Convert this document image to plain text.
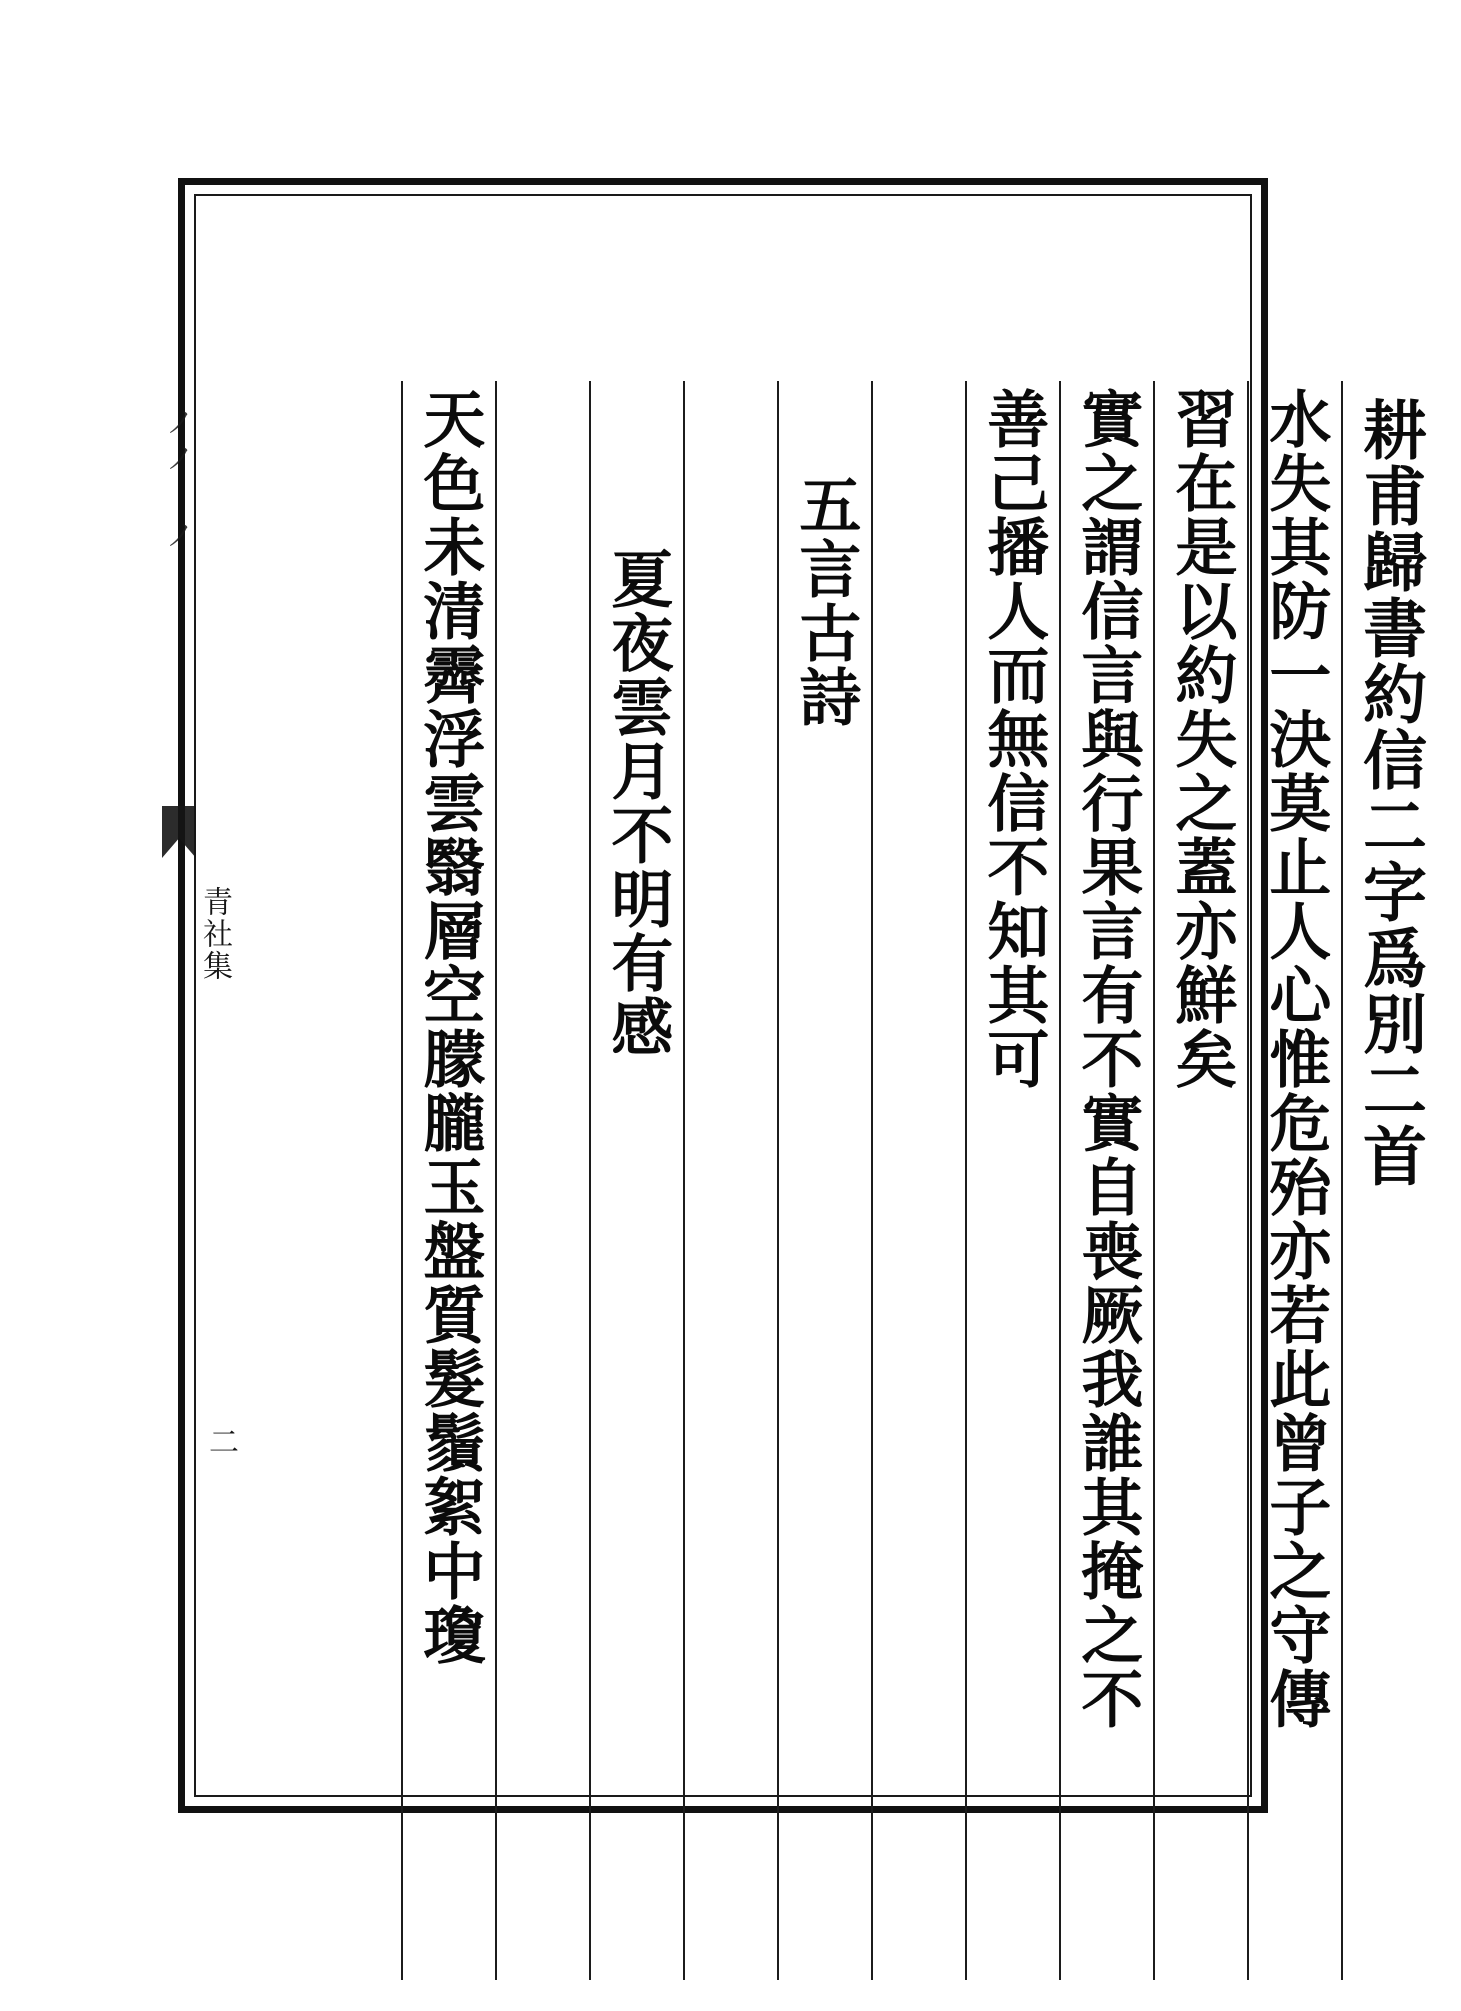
耕甫歸書約信二字爲別二首
水失其防一決莫止人心惟危殆亦若此曾子之守傳
習在是以約失之蓋亦鮮矣
實之謂信言與行果言有不實自喪厥我誰其掩之不
善己播人而無信不知其可
五言古詩
夏夜雲月不明有感
天色未清霽浮雲翳層空朦朧玉盤質髮鬚絮中瓊
ノノ ノ
青社集
二
